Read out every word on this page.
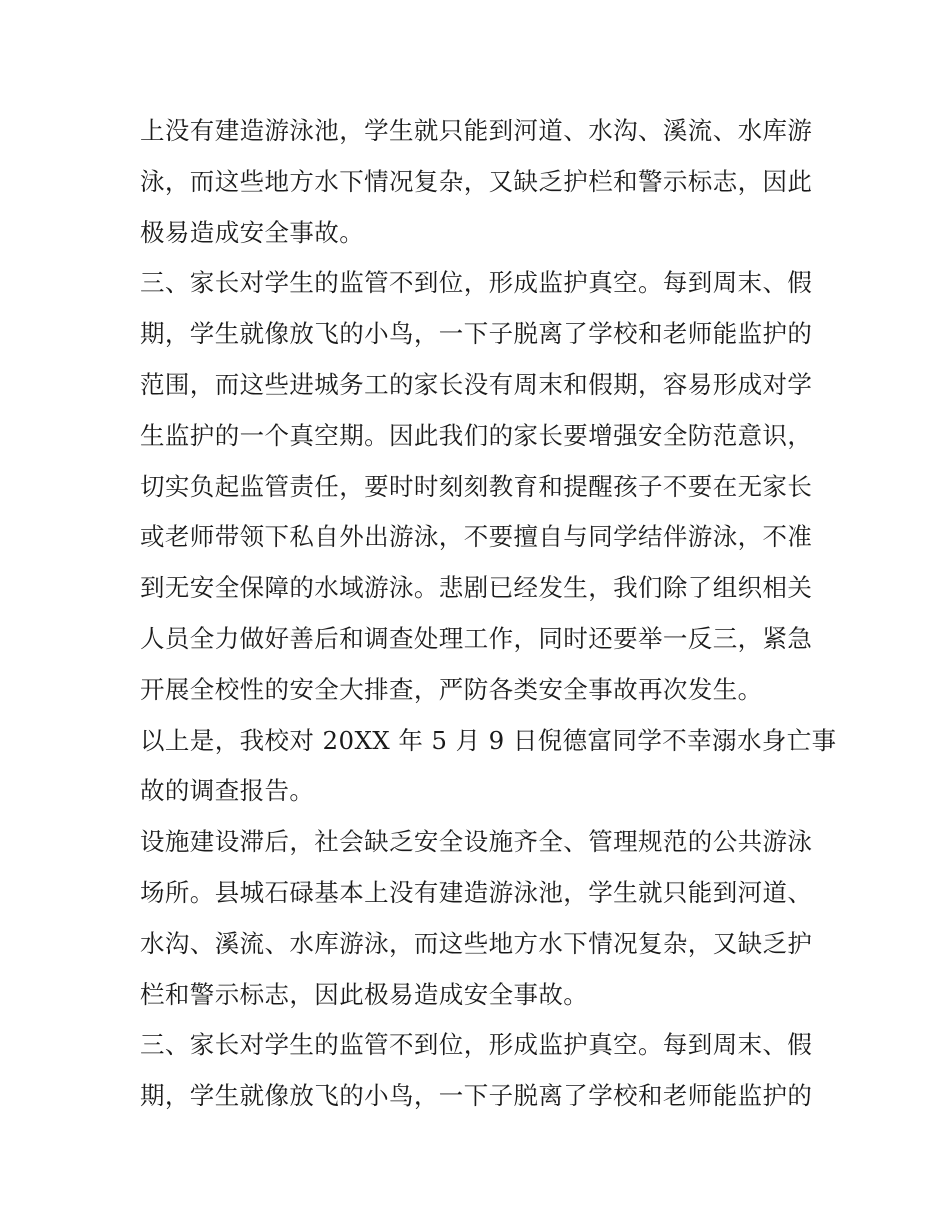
上没有建造游泳池，学生就只能到河道、水沟、溪流、水库游
泳，而这些地方水下情况复杂，又缺乏护栏和警示标志，因此
极易造成安全事故。
三、家长对学生的监管不到位，形成监护真空。每到周末、假
期，学生就像放飞的小鸟，一下子脱离了学校和老师能监护的
范围，而这些进城务工的家长没有周末和假期，容易形成对学
生监护的一个真空期。因此我们的家长要增强安全防范意识，
切实负起监管责任，要时时刻刻教育和提醒孩子不要在无家长
或老师带领下私自外出游泳，不要擅自与同学结伴游泳，不准
到无安全保障的水域游泳。悲剧已经发生，我们除了组织相关
人员全力做好善后和调查处理工作，同时还要举一反三，紧急
开展全校性的安全大排查，严防各类安全事故再次发生。
以上是，我校对 20XX 年 5 月 9 日倪德富同学不幸溺水身亡事
故的调查报告。
设施建设滞后，社会缺乏安全设施齐全、管理规范的公共游泳
场所。县城石碌基本上没有建造游泳池，学生就只能到河道、
水沟、溪流、水库游泳，而这些地方水下情况复杂，又缺乏护
栏和警示标志，因此极易造成安全事故。
三、家长对学生的监管不到位，形成监护真空。每到周末、假
期，学生就像放飞的小鸟，一下子脱离了学校和老师能监护的
